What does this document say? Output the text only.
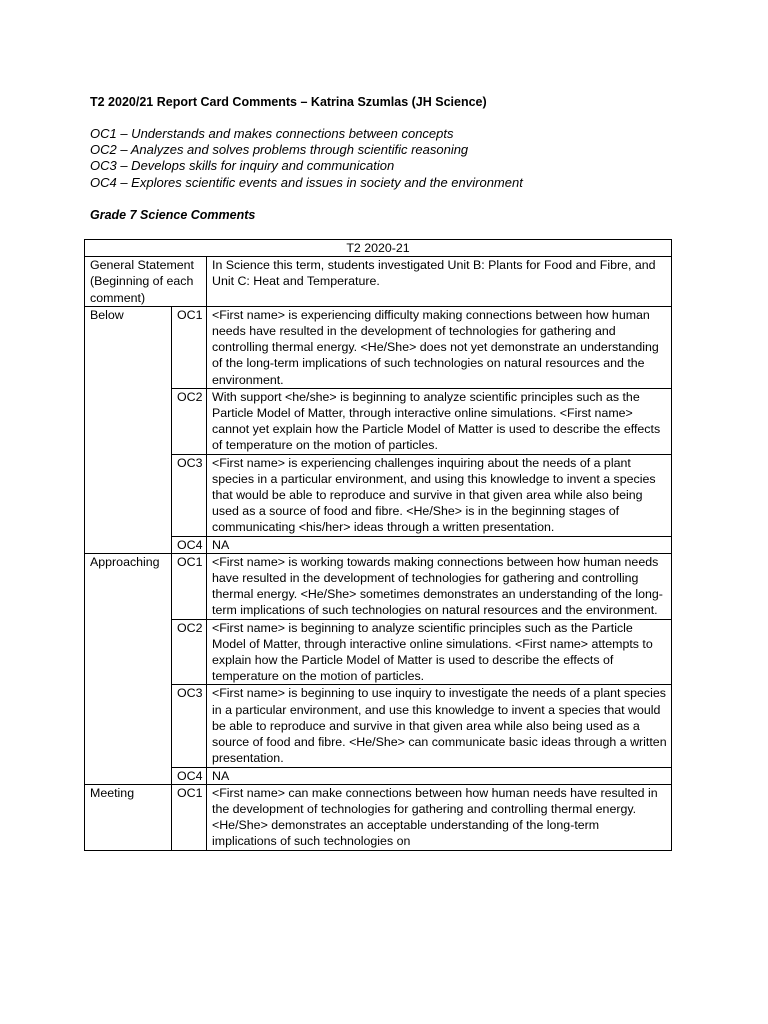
T2 2020/21 Report Card Comments – Katrina Szumlas (JH Science)
OC1 – Understands and makes connections between concepts
OC2 – Analyzes and solves problems through scientific reasoning
OC3 – Develops skills for inquiry and communication
OC4 – Explores scientific events and issues in society and the environment
Grade 7 Science Comments
T2 2020-21		
General Statement (Beginning of each comment)		In Science this term, students investigated Unit B: Plants for Food and Fibre, and Unit C: Heat and Temperature.
Below	OC1	<First name> is experiencing difficulty making connections between how human needs have resulted in the development of technologies for gathering and controlling thermal energy. <He/She> does not yet demonstrate an understanding of the long-term implications of such technologies on natural resources and the environment.
	OC2	With support <he/she> is beginning to analyze scientific principles such as the Particle Model of Matter, through interactive online simulations. <First name> cannot yet explain how the Particle Model of Matter is used to describe the effects of temperature on the motion of particles.
	OC3	<First name> is experiencing challenges inquiring about the needs of a plant species in a particular environment, and using this knowledge to invent a species that would be able to reproduce and survive in that given area while also being used as a source of food and fibre. <He/She> is in the beginning stages of communicating <his/her> ideas through a written presentation.
	OC4	NA
Approaching	OC1	<First name> is working towards making connections between how human needs have resulted in the development of technologies for gathering and controlling thermal energy. <He/She> sometimes demonstrates an understanding of the long-term implications of such technologies on natural resources and the environment.
	OC2	<First name> is beginning to analyze scientific principles such as the Particle Model of Matter, through interactive online simulations. <First name> attempts to explain how the Particle Model of Matter is used to describe the effects of temperature on the motion of particles.
	OC3	<First name> is beginning to use inquiry to investigate the needs of a plant species in a particular environment, and use this knowledge to invent a species that would be able to reproduce and survive in that given area while also being used as a source of food and fibre. <He/She> can communicate basic ideas through a written presentation.
	OC4	NA
Meeting	OC1	<First name> can make connections between how human needs have resulted in the development of technologies for gathering and controlling thermal energy. <He/She> demonstrates an acceptable understanding of the long-term implications of such technologies on
